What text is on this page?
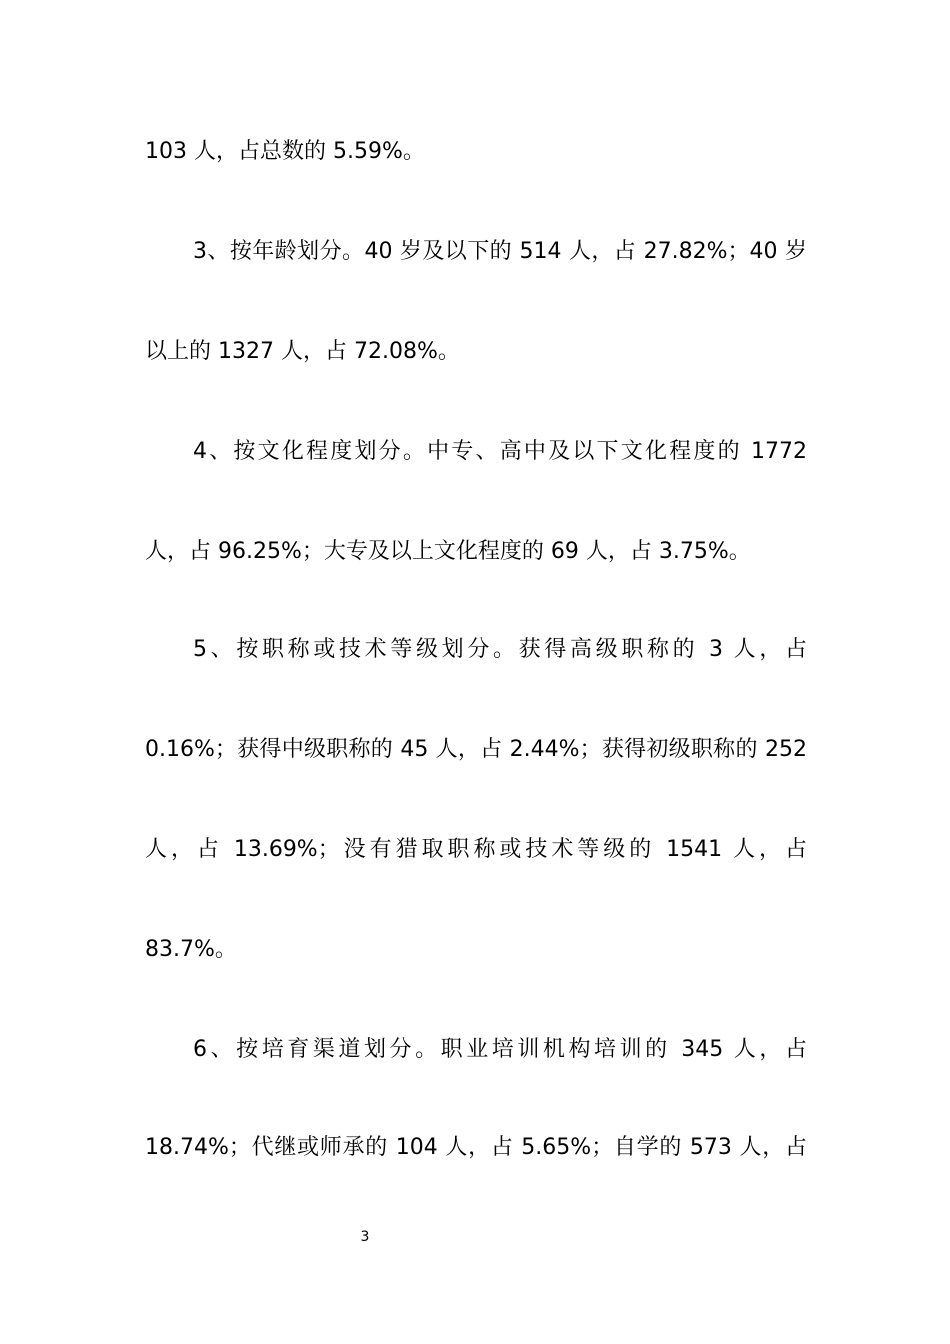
103 人，占总数的 5.59%。
3、按年龄划分。40 岁及以下的 514 人，占 27.82%；40 岁
以上的 1327 人，占 72.08%。
4、按文化程度划分。中专、高中及以下文化程度的 1772
人，占 96.25%；大专及以上文化程度的 69 人，占 3.75%。
5、按职称或技术等级划分。获得高级职称的 3 人，占
0.16%；获得中级职称的 45 人，占 2.44%；获得初级职称的 252
人，占 13.69%；没有猎取职称或技术等级的 1541 人，占
83.7%。
6、按培育渠道划分。职业培训机构培训的 345 人，占
18.74%；代继或师承的 104 人，占 5.65%；自学的 573 人，占
3
